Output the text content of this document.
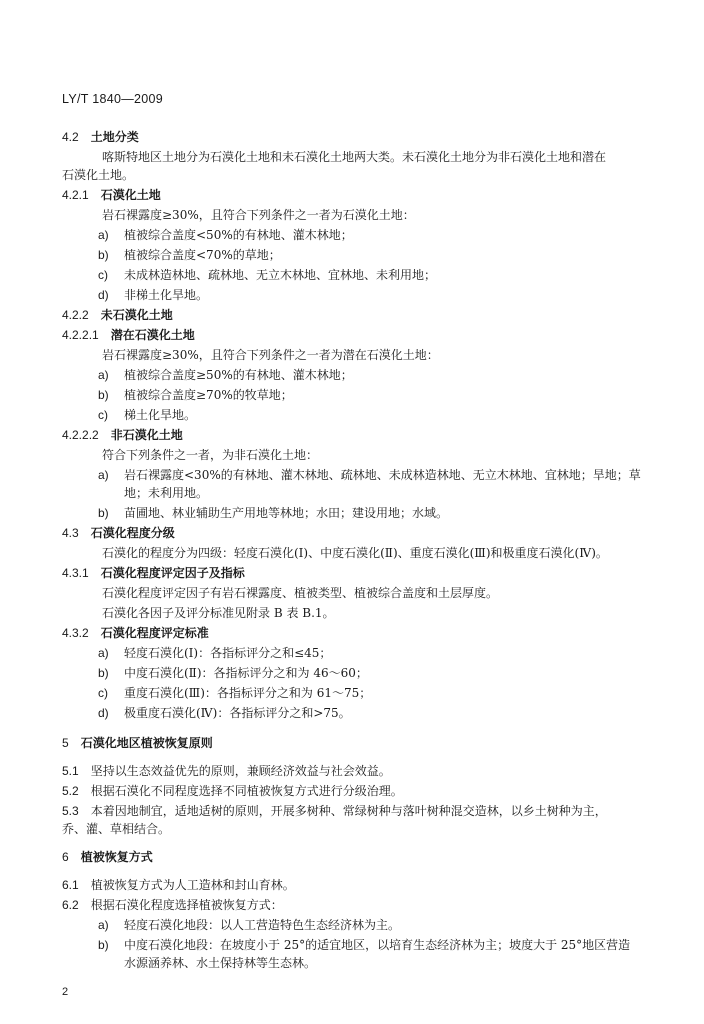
LY/T 1840—2009
4.2 土地分类
喀斯特地区土地分为石漠化土地和未石漠化土地两大类。未石漠化土地分为非石漠化土地和潜在
石漠化土地。
4.2.1 石漠化土地
岩石裸露度≥30%，且符合下列条件之一者为石漠化土地：
a) 植被综合盖度<50%的有林地、灌木林地；
b) 植被综合盖度<70%的草地；
c) 未成林造林地、疏林地、无立木林地、宜林地、未利用地；
d) 非梯土化旱地。
4.2.2 未石漠化土地
4.2.2.1 潜在石漠化土地
岩石裸露度≥30%，且符合下列条件之一者为潜在石漠化土地：
a) 植被综合盖度≥50%的有林地、灌木林地；
b) 植被综合盖度≥70%的牧草地；
c) 梯土化旱地。
4.2.2.2 非石漠化土地
符合下列条件之一者，为非石漠化土地：
a) 岩石裸露度<30%的有林地、灌木林地、疏林地、未成林造林地、无立木林地、宜林地；旱地；草
地；未利用地。
b) 苗圃地、林业辅助生产用地等林地；水田；建设用地；水域。
4.3 石漠化程度分级
石漠化的程度分为四级：轻度石漠化(Ⅰ)、中度石漠化(Ⅱ)、重度石漠化(Ⅲ)和极重度石漠化(Ⅳ)。
4.3.1 石漠化程度评定因子及指标
石漠化程度评定因子有岩石裸露度、植被类型、植被综合盖度和土层厚度。
石漠化各因子及评分标准见附录 B 表 B.1。
4.3.2 石漠化程度评定标准
a) 轻度石漠化(Ⅰ)：各指标评分之和≤45；
b) 中度石漠化(Ⅱ)：各指标评分之和为 46～60；
c) 重度石漠化(Ⅲ)：各指标评分之和为 61～75；
d) 极重度石漠化(Ⅳ)：各指标评分之和>75。
5 石漠化地区植被恢复原则
5.1 坚持以生态效益优先的原则，兼顾经济效益与社会效益。
5.2 根据石漠化不同程度选择不同植被恢复方式进行分级治理。
5.3 本着因地制宜，适地适树的原则，开展多树种、常绿树种与落叶树种混交造林，以乡土树种为主，
乔、灌、草相结合。
6 植被恢复方式
6.1 植被恢复方式为人工造林和封山育林。
6.2 根据石漠化程度选择植被恢复方式：
a) 轻度石漠化地段：以人工营造特色生态经济林为主。
b) 中度石漠化地段：在坡度小于 25°的适宜地区，以培育生态经济林为主；坡度大于 25°地区营造
水源涵养林、水土保持林等生态林。
2
